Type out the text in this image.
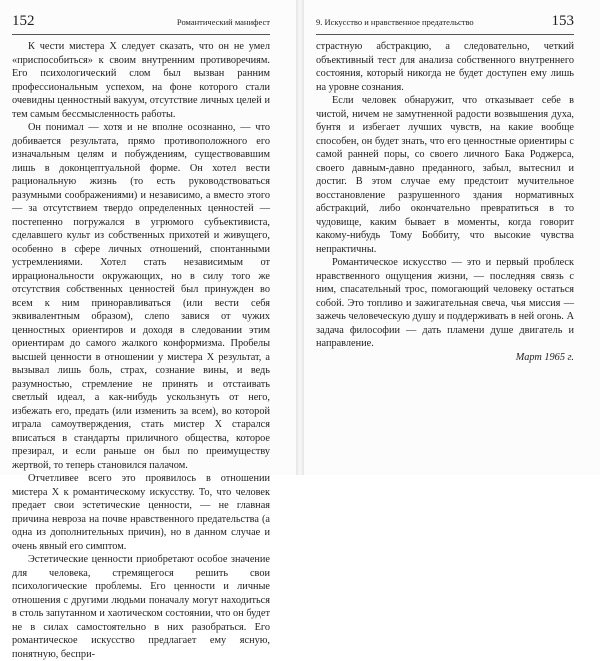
152	Романтический манифест

К чести мистера X следует сказать, что он не умел «приспособиться» к своим внутренним противоречиям. Его психологический слом был вызван ранним профессиональным успехом, на фоне которого стали очевидны ценностный вакуум, отсутствие личных целей и тем самым бессмысленность работы.

Он понимал — хотя и не вполне осознанно, — что добивается результата, прямо противоположного его изначальным целям и побуждениям, существовавшим лишь в доконцептуальной форме. Он хотел вести рациональную жизнь (то есть руководствоваться разумными соображениями) и независимо, а вместо этого — за отсутствием твердо определенных ценностей — постепенно погружался в угрюмого субъективиста, сделавшего культ из собственных прихотей и живущего, особенно в сфере личных отношений, спонтанными устремлениями. Хотел стать независимым от иррациональности окружающих, но в силу того же отсутствия собственных ценностей был принужден во всем к ним приноравливаться (или вести себя эквивалентным образом), слепо завися от чужих ценностных ориентиров и доходя в следовании этим ориентирам до самого жалкого конформизма. Пробелы высшей ценности в отношении у мистера X результат, а вызывал лишь боль, страх, сознание вины, и ведь разумностью, стремление не принять и отстаивать светлый идеал, а как-нибудь ускользнуть от него, избежать его, предать (или изменить за всем), во которой играла самоутверждения, стать мистер X старался вписаться в стандарты приличного общества, которое презирал, и если раньше он был по преимуществу жертвой, то теперь становился палачом.

Отчетливее всего это проявилось в отношении мистера X к романтическому искусству. То, что человек предает свои эстетические ценности, — не главная причина невроза на почве нравственного предательства (а одна из дополнительных причин), но в данном случае и очень явный его симптом.

Эстетические ценности приобретают особое значение для человека, стремящегося решить свои психологические проблемы. Его ценности и личные отношения с другими людьми поначалу могут находиться в столь запутанном и хаотическом состоянии, что он будет не в силах самостоятельно в них разобраться. Его романтическое искусство предлагает ему ясную, понятную, беспри-

9. Искусство и нравственное предательство	153

страстную абстракцию, а следовательно, четкий объективный тест для анализа собственного внутреннего состояния, который никогда не будет доступен ему лишь на уровне сознания.

Если человек обнаружит, что отказывает себе в чистой, ничем не замутненной радости возвышения духа, бунтя и избегает лучших чувств, на какие вообще способен, он будет знать, что его ценностные ориентиры с самой ранней поры, со своего личного Бака Роджерса, своего давным-давно преданного, забыл, вытеснил и достиг. В этом случае ему предстоит мучительное восстановление разрушенного здания нормативных абстракций, либо окончательно превратиться в то чудовище, каким бывает в моменты, когда говорит какому-нибудь Тому Боббиту, что высокие чувства непрактичны.

Романтическое искусство — это и первый проблеск нравственного ощущения жизни, — последняя связь с ним, спасательный трос, помогающий человеку остаться собой. Это топливо и зажигательная свеча, чья миссия — зажечь человеческую душу и поддерживать в ней огонь. А задача философии — дать пламени душе двигатель и направление.

Март 1965 г.
